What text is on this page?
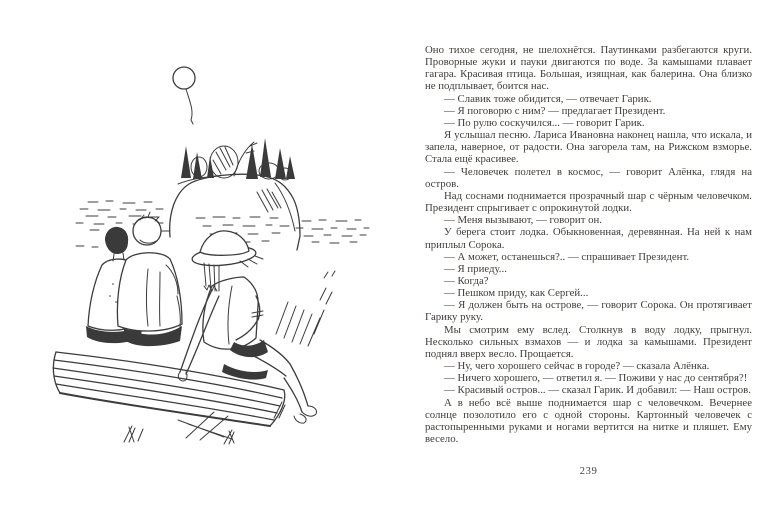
Оно тихое сегодня, не шелохнётся. Паутинками разбегаются круги. Проворные жуки и пауки двигаются по воде. За камышами плавает гагара. Красивая птица. Большая, изящная, как балерина. Она близко не подплывает, боится нас.

— Славик тоже обидится, — отвечает Гарик.

— Я поговорю с ним? — предлагает Президент.

— По рулю соскучился... — говорит Гарик.

Я услышал песню. Лариса Ивановна наконец нашла, что искала, и запела, наверное, от радости. Она загорела там, на Рижском взморье. Стала ещё красивее.

— Человечек полетел в космос, — говорит Алёнка, глядя на остров.

Над соснами поднимается прозрачный шар с чёрным человечком. Президент спрыгивает с опрокинутой лодки.

— Меня вызывают, — говорит он.

У берега стоит лодка. Обыкновенная, деревянная. На ней к нам приплыл Сорока.

— А может, останешься?.. — спрашивает Президент.

— Я приеду...

— Когда?

— Пешком приду, как Сергей...

— Я должен быть на острове, — говорит Сорока. Он протягивает Гарику руку.

Мы смотрим ему вслед. Столкнув в воду лодку, прыгнул. Несколько сильных взмахов — и лодка за камышами. Президент поднял вверх весло. Прощается.

— Ну, чего хорошего сейчас в городе? — сказала Алёнка.

— Ничего хорошего, — ответил я. — Поживи у нас до сентября?!

— Красивый остров... — сказал Гарик. И добавил: — Наш остров.

А в небо всё выше поднимается шар с человечком. Вечернее солнце позолотило его с одной стороны. Картонный человечек с растопыренными руками и ногами вертится на нитке и пляшет. Ему весело.

239
